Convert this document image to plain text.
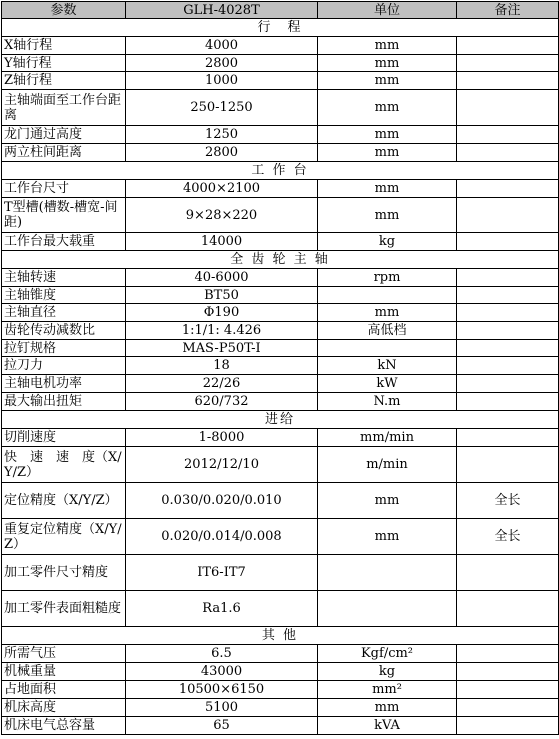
参数	GLH-4028T	单位	备注
行　程			
X轴行程	4000	mm	
Y轴行程	2800	mm	
Z轴行程	1000	mm	
主轴端面至工作台距离	250-1250	mm	
龙门通过高度	1250	mm	
两立柱间距离	2800	mm	
工 作 台			
工作台尺寸	4000×2100	mm	
T型槽(槽数-槽宽-间距)	9×28×220	mm	
工作台最大载重	14000	kg	
全 齿 轮 主 轴			
主轴转速	40-6000	rpm	
主轴锥度	BT50		
主轴直径	Φ190	mm	
齿轮传动减数比	1:1/1: 4.426	高低档	
拉钉规格	MAS-P50T-I		
拉刀力	18	kN	
主轴电机功率	22/26	kW	
最大输出扭矩	620/732	N.m	
进给			
切削速度	1-8000	mm/min	
快　速　速　度（X/Y/Z）	2012/12/10	m/min	
定位精度（X/Y/Z）	0.030/0.020/0.010	mm	全长
重复定位精度（X/Y/Z）	0.020/0.014/0.008	mm	全长
加工零件尺寸精度	IT6-IT7		
加工零件表面粗糙度	Ra1.6		
其 他			
所需气压	6.5	Kgf/cm²	
机械重量	43000	kg	
占地面积	10500×6150	mm²	
机床高度	5100	mm	
机床电气总容量	65	kVA	
